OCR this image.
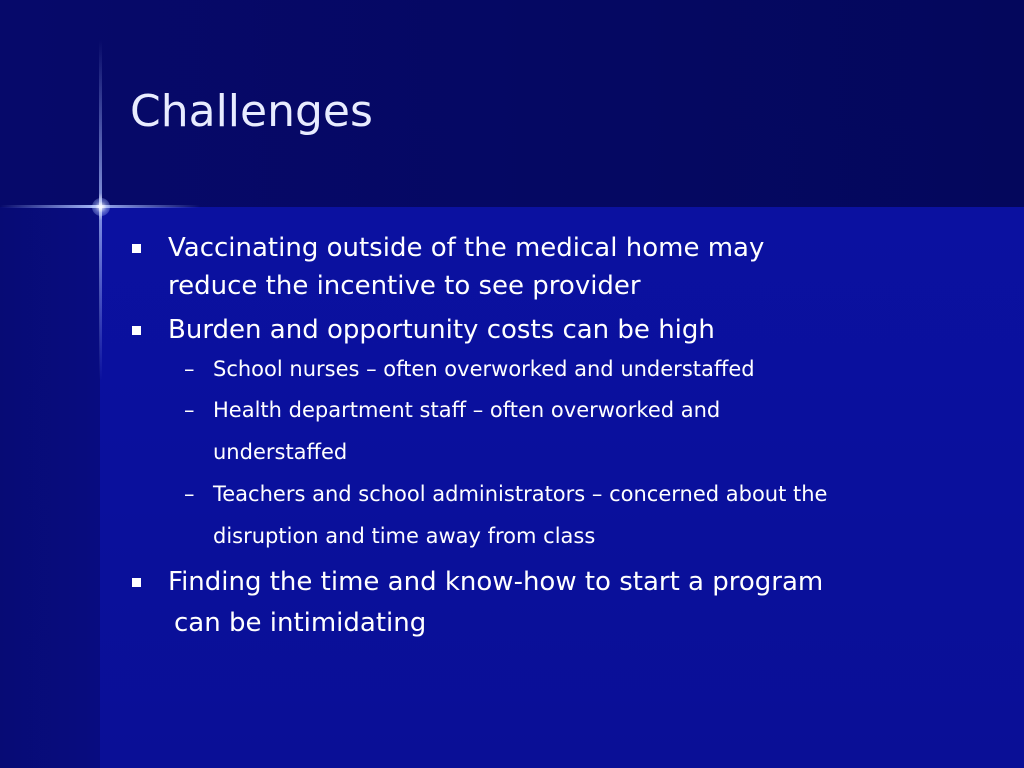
Challenges
Vaccinating outside of the medical home may
reduce the incentive to see provider
Burden and opportunity costs can be high
– School nurses – often overworked and understaffed
– Health department staff – often overworked and
understaffed
– Teachers and school administrators – concerned about the
disruption and time away from class
Finding the time and know-how to start a program
can be intimidating
